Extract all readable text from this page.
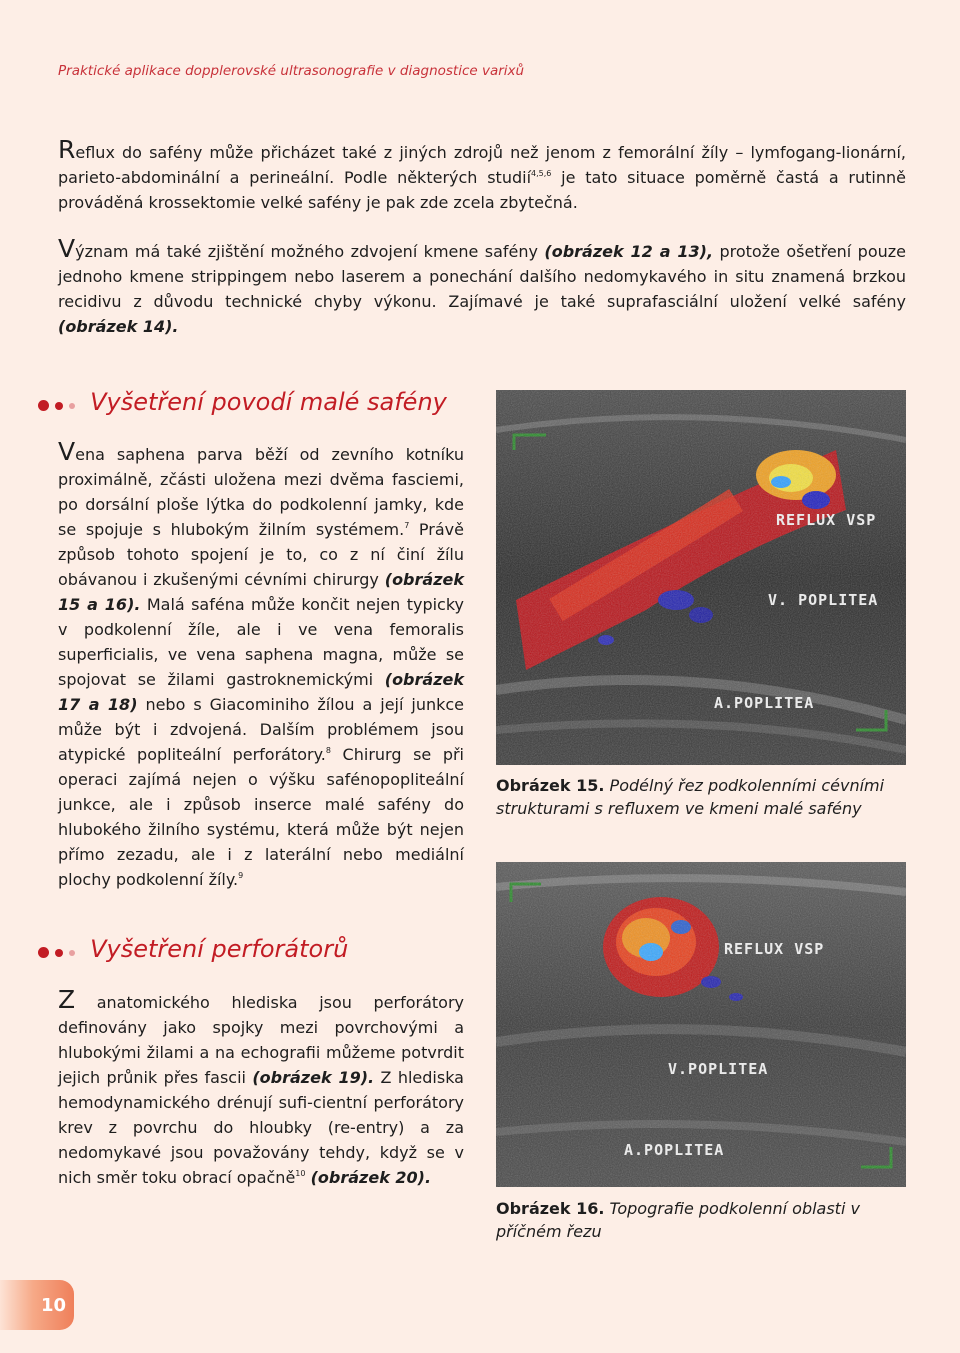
Praktické aplikace dopplerovské ultrasonografie v diagnostice varixů

Reflux do safény může přicházet také z jiných zdrojů než jenom z femorální žíly – lymfogang-lionární, parieto-abdominální a perineální. Podle některých studií$^{4,5,6}$ je tato situace poměrně častá a rutinně prováděná krossektomie velké safény je pak zde zcela zbytečná.

Význam má také zjištění možného zdvojení kmene safény (obrázek 12 a 13), protože ošetření pouze jednoho kmene strippingem nebo laserem a ponechání dalšího nedomykavého in situ znamená brzkou recidivu z důvodu technické chyby výkonu. Zajímavé je také suprafasciální uložení velké safény (obrázek 14).

Vyšetření povodí malé safény

Vena saphena parva běží od zevního kotníku proximálně, zčásti uložena mezi dvěma fasciemi, po dorsální ploše lýtka do podkolenní jamky, kde se spojuje s hlubokým žilním systémem.$^7$ Právě způsob tohoto spojení je to, co z ní činí žílu obávanou i zkušenými cévními chirurgy (obrázek 15 a 16). Malá saféna může končit nejen typicky v podkolenní žíle, ale i ve vena femoralis superficialis, ve vena saphena magna, může se spojovat se žilami gastroknemickými (obrázek 17 a 18) nebo s Giacominiho žílou a její junkce může být i zdvojená. Dalším problémem jsou atypické popliteální perforátory.$^8$ Chirurg se při operaci zajímá nejen o výšku safénopopliteální junkce, ale i způsob inserce malé safény do hlubokého žilního systému, která může být nejen přímo zezadu, ale i z laterální nebo mediální plochy podkolenní žíly.$^9$

Vyšetření perforátorů

Z anatomického hlediska jsou perforátory definovány jako spojky mezi povrchovými a hlubokými žilami a na echografii můžeme potvrdit jejich průnik přes fascii (obrázek 19). Z hlediska hemodynamického drénují sufi-cientní perforátory krev z povrchu do hloubky (re-entry) a za nedomykavé jsou považovány tehdy, když se v nich směr toku obrací opačně$^{10}$ (obrázek 20).

REFLUX VSP
V. POPLITEA
A.POPLITEA
Obrázek 15. Podélný řez podkolenními cévními strukturami s refluxem ve kmeni malé safény
REFLUX VSP
V.POPLITEA
A.POPLITEA
Obrázek 16. Topografie podkolenní oblasti v příčném řezu
10
